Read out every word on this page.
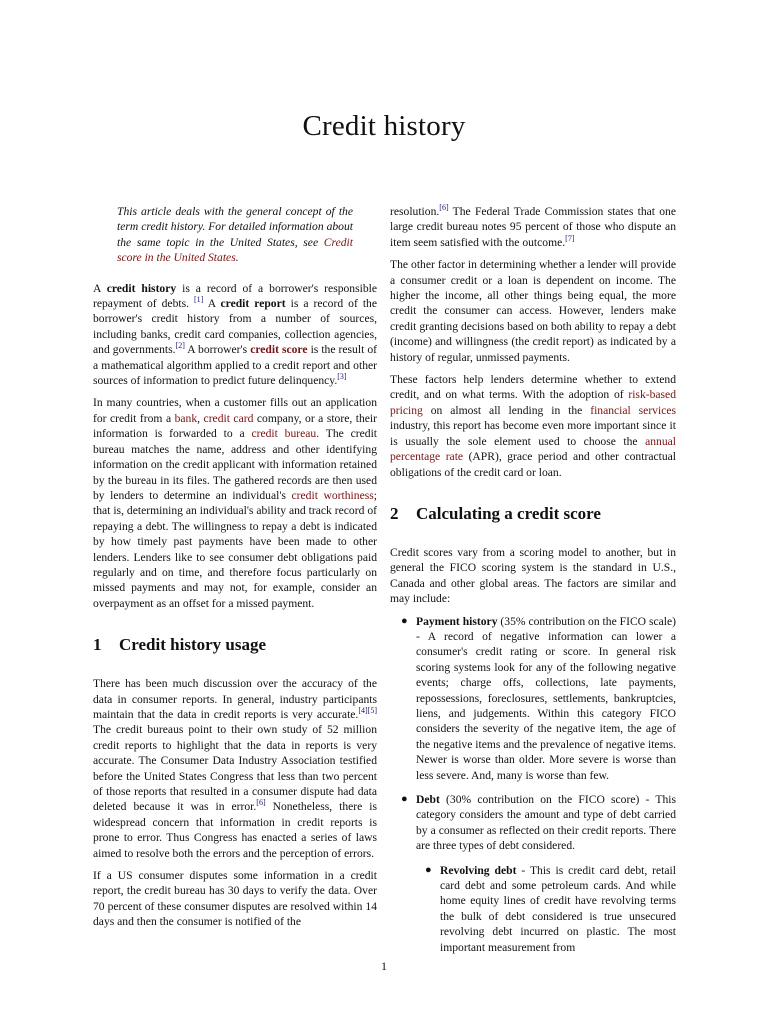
Credit history

This article deals with the general concept of the term credit history. For detailed information about the same topic in the United States, see Credit score in the United States.

A credit history is a record of a borrower's responsible repayment of debts. [1] A credit report is a record of the borrower's credit history from a number of sources, including banks, credit card companies, collection agencies, and governments.[2] A borrower's credit score is the result of a mathematical algorithm applied to a credit report and other sources of information to predict future delinquency.[3]

In many countries, when a customer fills out an application for credit from a bank, credit card company, or a store, their information is forwarded to a credit bureau. The credit bureau matches the name, address and other identifying information on the credit applicant with information retained by the bureau in its files. The gathered records are then used by lenders to determine an individual's credit worthiness; that is, determining an individual's ability and track record of repaying a debt. The willingness to repay a debt is indicated by how timely past payments have been made to other lenders. Lenders like to see consumer debt obligations paid regularly and on time, and therefore focus particularly on missed payments and may not, for example, consider an overpayment as an offset for a missed payment.

1	Credit history usage

There has been much discussion over the accuracy of the data in consumer reports. In general, industry participants maintain that the data in credit reports is very accurate.[4][5] The credit bureaus point to their own study of 52 million credit reports to highlight that the data in reports is very accurate. The Consumer Data Industry Association testified before the United States Congress that less than two percent of those reports that resulted in a consumer dispute had data deleted because it was in error.[6] Nonetheless, there is widespread concern that information in credit reports is prone to error. Thus Congress has enacted a series of laws aimed to resolve both the errors and the perception of errors.

If a US consumer disputes some information in a credit report, the credit bureau has 30 days to verify the data. Over 70 percent of these consumer disputes are resolved within 14 days and then the consumer is notified of the

resolution.[6] The Federal Trade Commission states that one large credit bureau notes 95 percent of those who dispute an item seem satisfied with the outcome.[7]

The other factor in determining whether a lender will provide a consumer credit or a loan is dependent on income. The higher the income, all other things being equal, the more credit the consumer can access. However, lenders make credit granting decisions based on both ability to repay a debt (income) and willingness (the credit report) as indicated by a history of regular, unmissed payments.

These factors help lenders determine whether to extend credit, and on what terms. With the adoption of risk-based pricing on almost all lending in the financial services industry, this report has become even more important since it is usually the sole element used to choose the annual percentage rate (APR), grace period and other contractual obligations of the credit card or loan.

2	Calculating a credit score

Credit scores vary from a scoring model to another, but in general the FICO scoring system is the standard in U.S., Canada and other global areas. The factors are similar and may include:

● Payment history (35% contribution on the FICO scale) - A record of negative information can lower a consumer's credit rating or score. In general risk scoring systems look for any of the following negative events; charge offs, collections, late payments, repossessions, foreclosures, settlements, bankruptcies, liens, and judgements. Within this category FICO considers the severity of the negative item, the age of the negative items and the prevalence of negative items. Newer is worse than older. More severe is worse than less severe. And, many is worse than few.
● Debt (30% contribution on the FICO score) - This category considers the amount and type of debt carried by a consumer as reflected on their credit reports. There are three types of debt considered.
● Revolving debt - This is credit card debt, retail card debt and some petroleum cards. And while home equity lines of credit have revolving terms the bulk of debt considered is true unsecured revolving debt incurred on plastic. The most important measurement from
1
